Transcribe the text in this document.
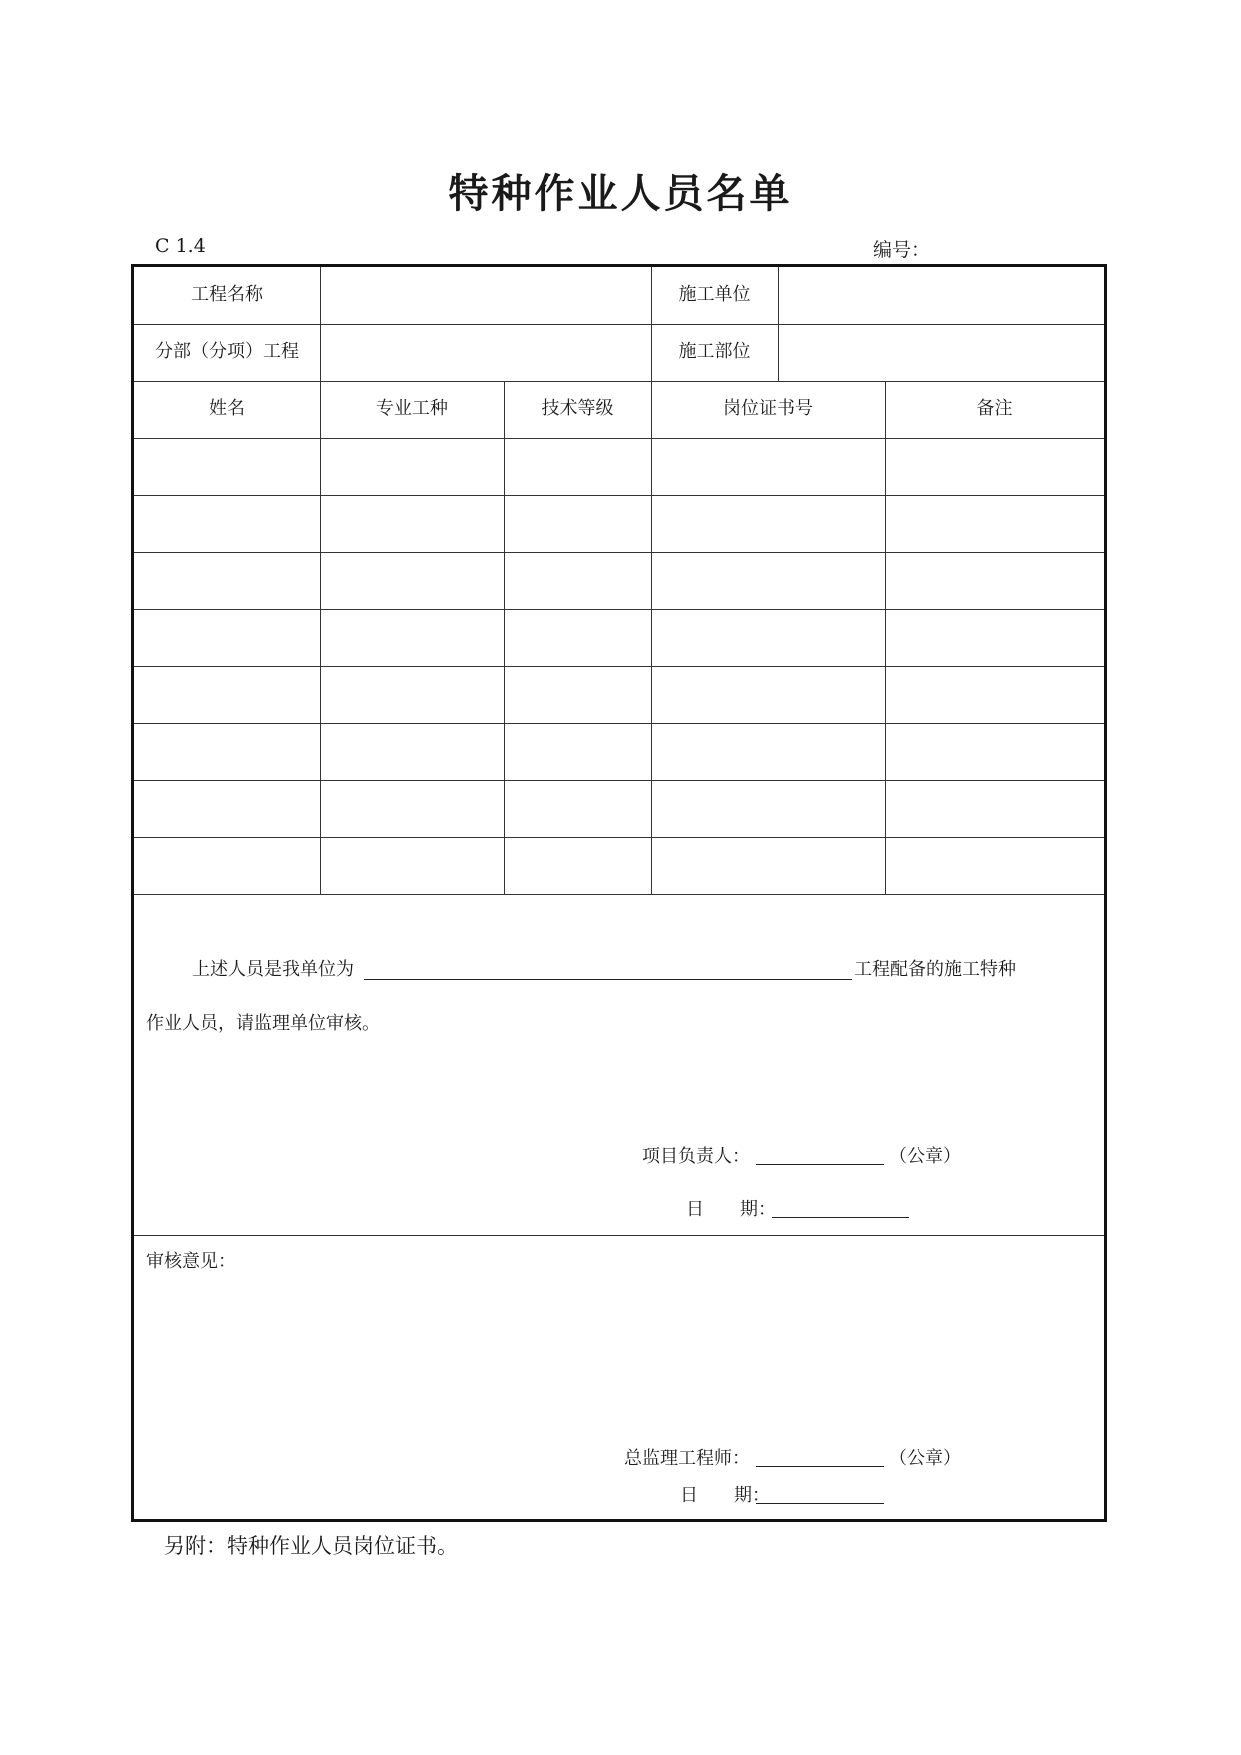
特种作业人员名单
C 1.4	编号：
工程名称	施工单位
分部（分项）工程	施工部位
姓名	专业工种	技术等级	岗位证书号	备注
上述人员是我单位为	工程配备的施工特种
作业人员，请监理单位审核。
项目负责人：	（公章）
日　　期：
审核意见：
总监理工程师：	（公章）
日　　期：
另附：特种作业人员岗位证书。
